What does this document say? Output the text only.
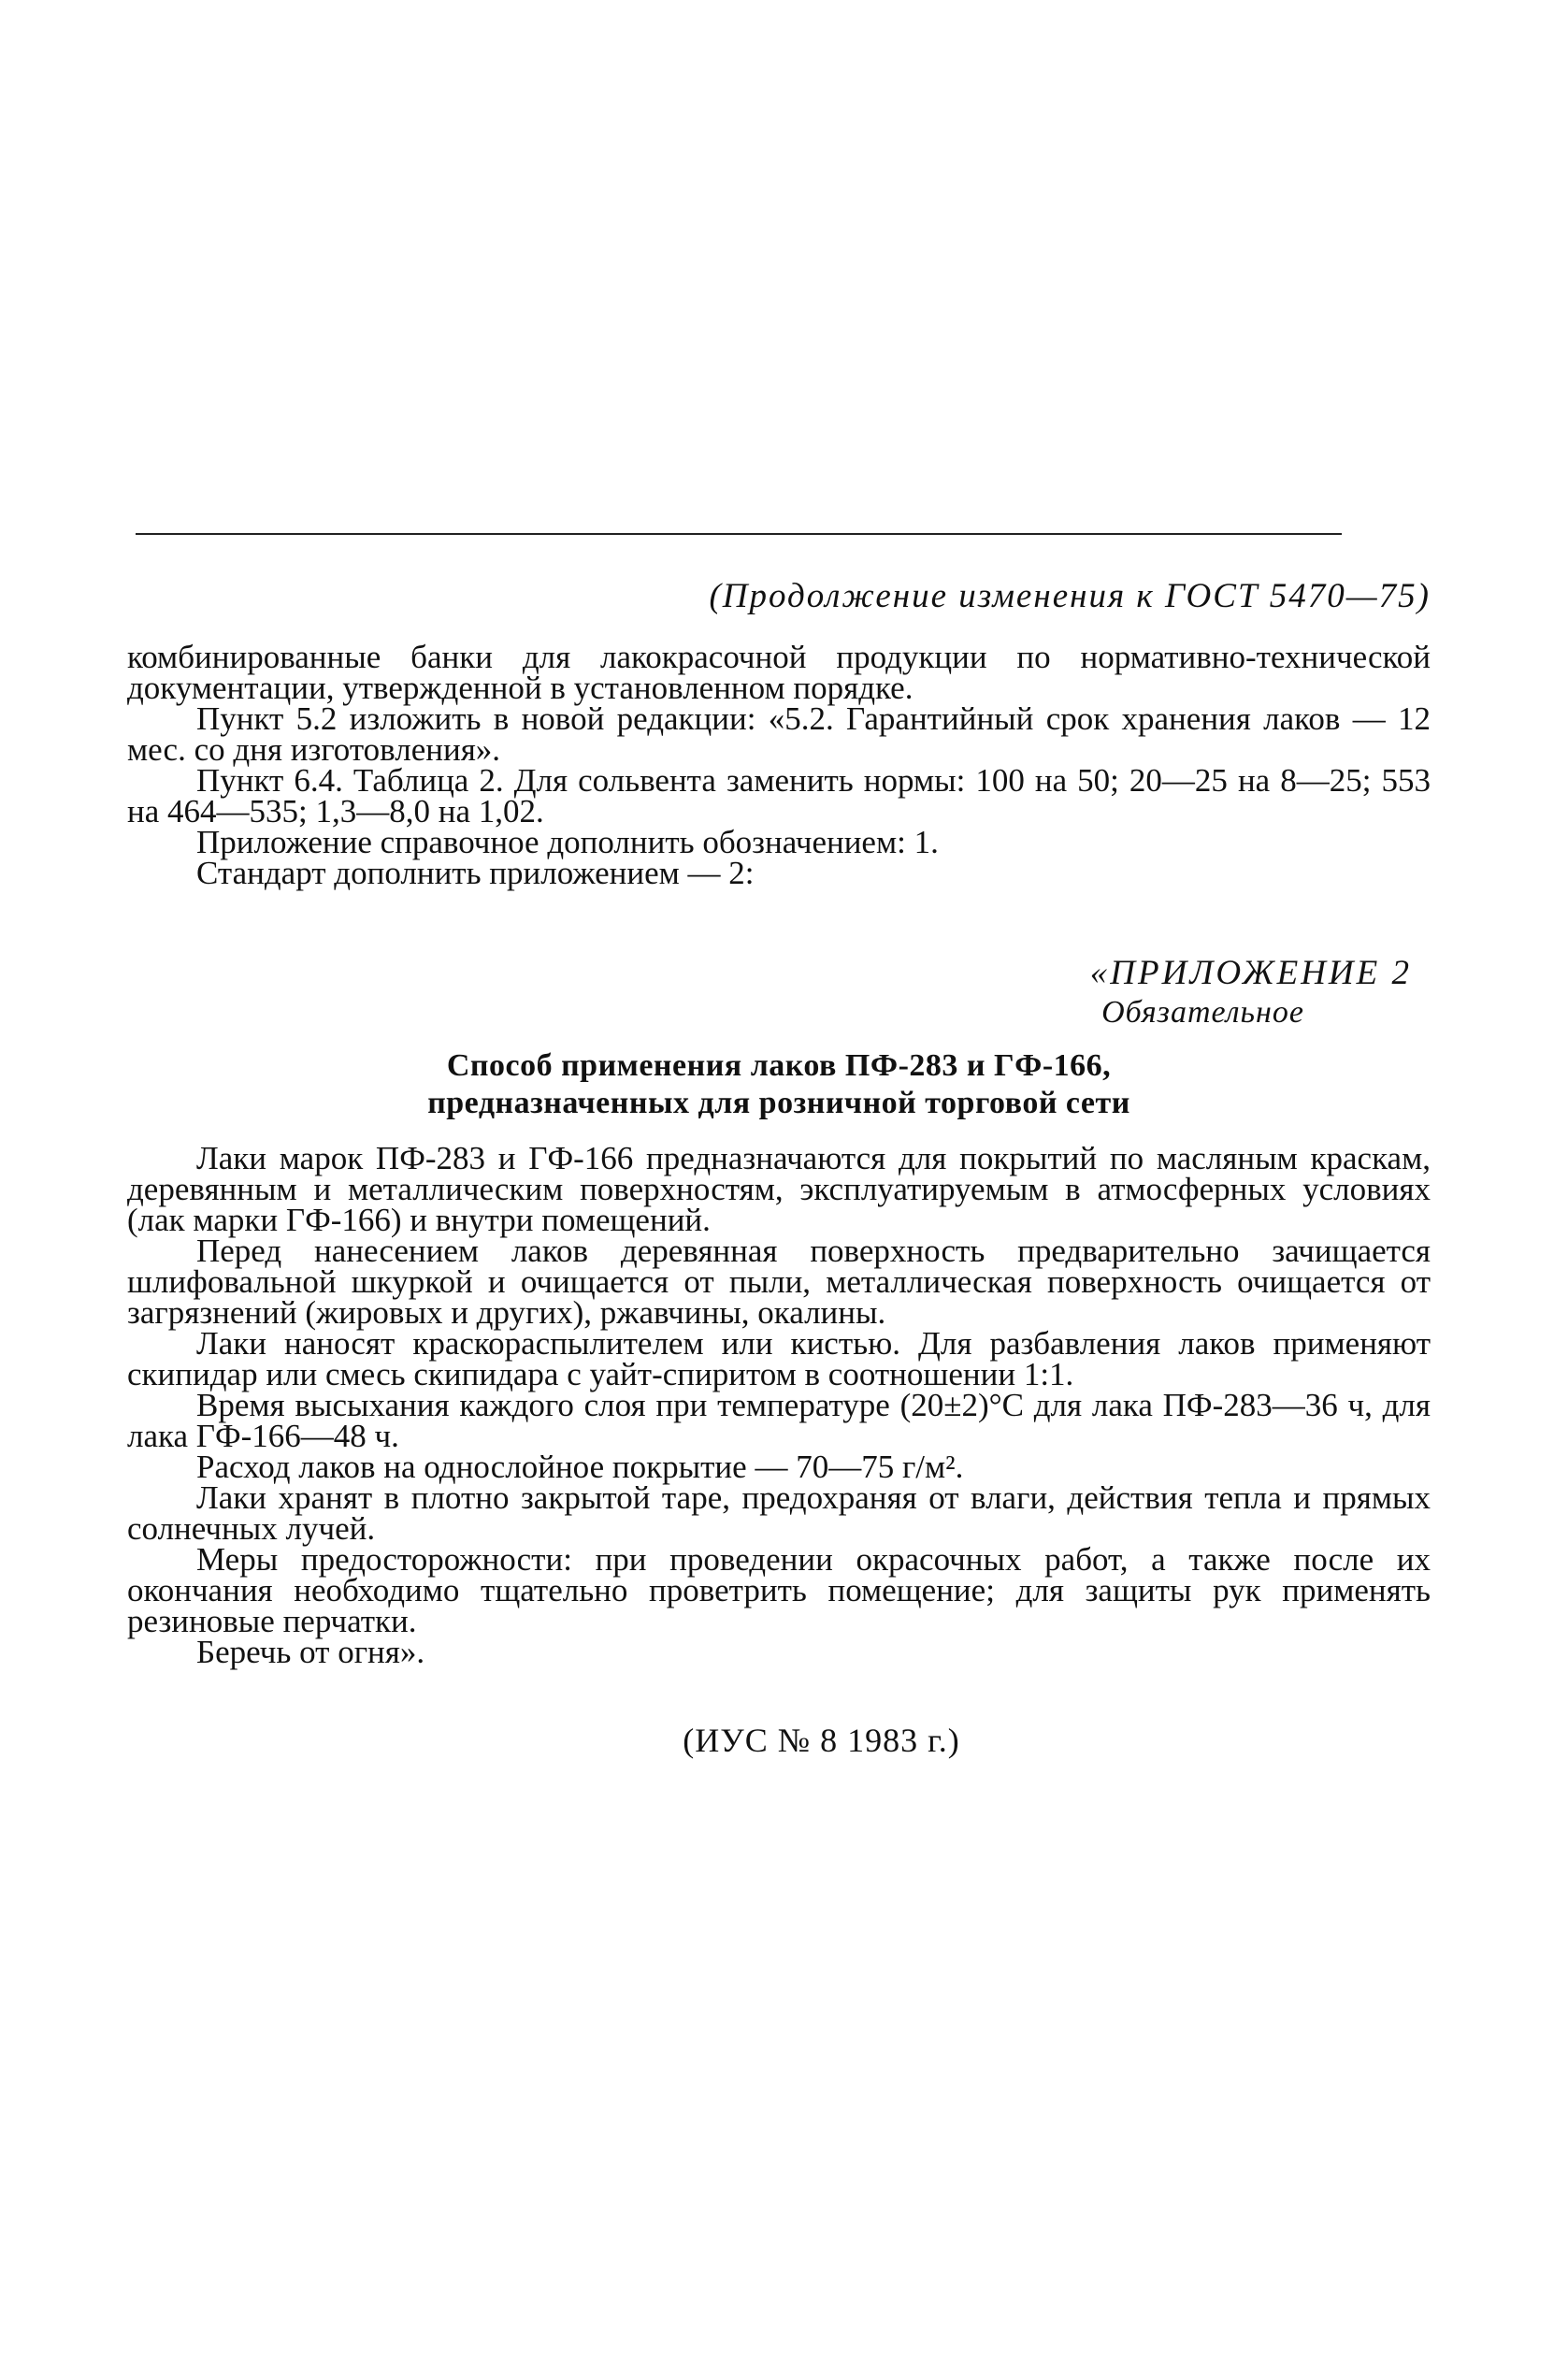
(Продолжение изменения к ГОСТ 5470—75)

комбинированные банки для лакокрасочной продукции по нормативно-технической документации, утвержденной в установленном порядке.

Пункт 5.2 изложить в новой редакции: «5.2. Гарантийный срок хранения лаков — 12 мес. со дня изготовления».

Пункт 6.4. Таблица 2. Для сольвента заменить нормы: 100 на 50; 20—25 на 8—25; 553 на 464—535; 1,3—8,0 на 1,02.

Приложение справочное дополнить обозначением: 1.

Стандарт дополнить приложением — 2:

«ПРИЛОЖЕНИЕ 2
Обязательное
Способ применения лаков ПФ-283 и ГФ-166,
предназначенных для розничной торговой сети

Лаки марок ПФ-283 и ГФ-166 предназначаются для покрытий по масляным краскам, деревянным и металлическим поверхностям, эксплуатируемым в атмосферных условиях (лак марки ГФ-166) и внутри помещений.

Перед нанесением лаков деревянная поверхность предварительно зачищается шлифовальной шкуркой и очищается от пыли, металлическая поверхность очищается от загрязнений (жировых и других), ржавчины, окалины.

Лаки наносят краскораспылителем или кистью. Для разбавления лаков применяют скипидар или смесь скипидара с уайт-спиритом в соотношении 1:1.

Время высыхания каждого слоя при температуре (20±2)°С для лака ПФ-283—36 ч, для лака ГФ-166—48 ч.

Расход лаков на однослойное покрытие — 70—75 г/м².

Лаки хранят в плотно закрытой таре, предохраняя от влаги, действия тепла и прямых солнечных лучей.

Меры предосторожности: при проведении окрасочных работ, а также после их окончания необходимо тщательно проветрить помещение; для защиты рук применять резиновые перчатки.

Беречь от огня».

(ИУС № 8 1983 г.)
